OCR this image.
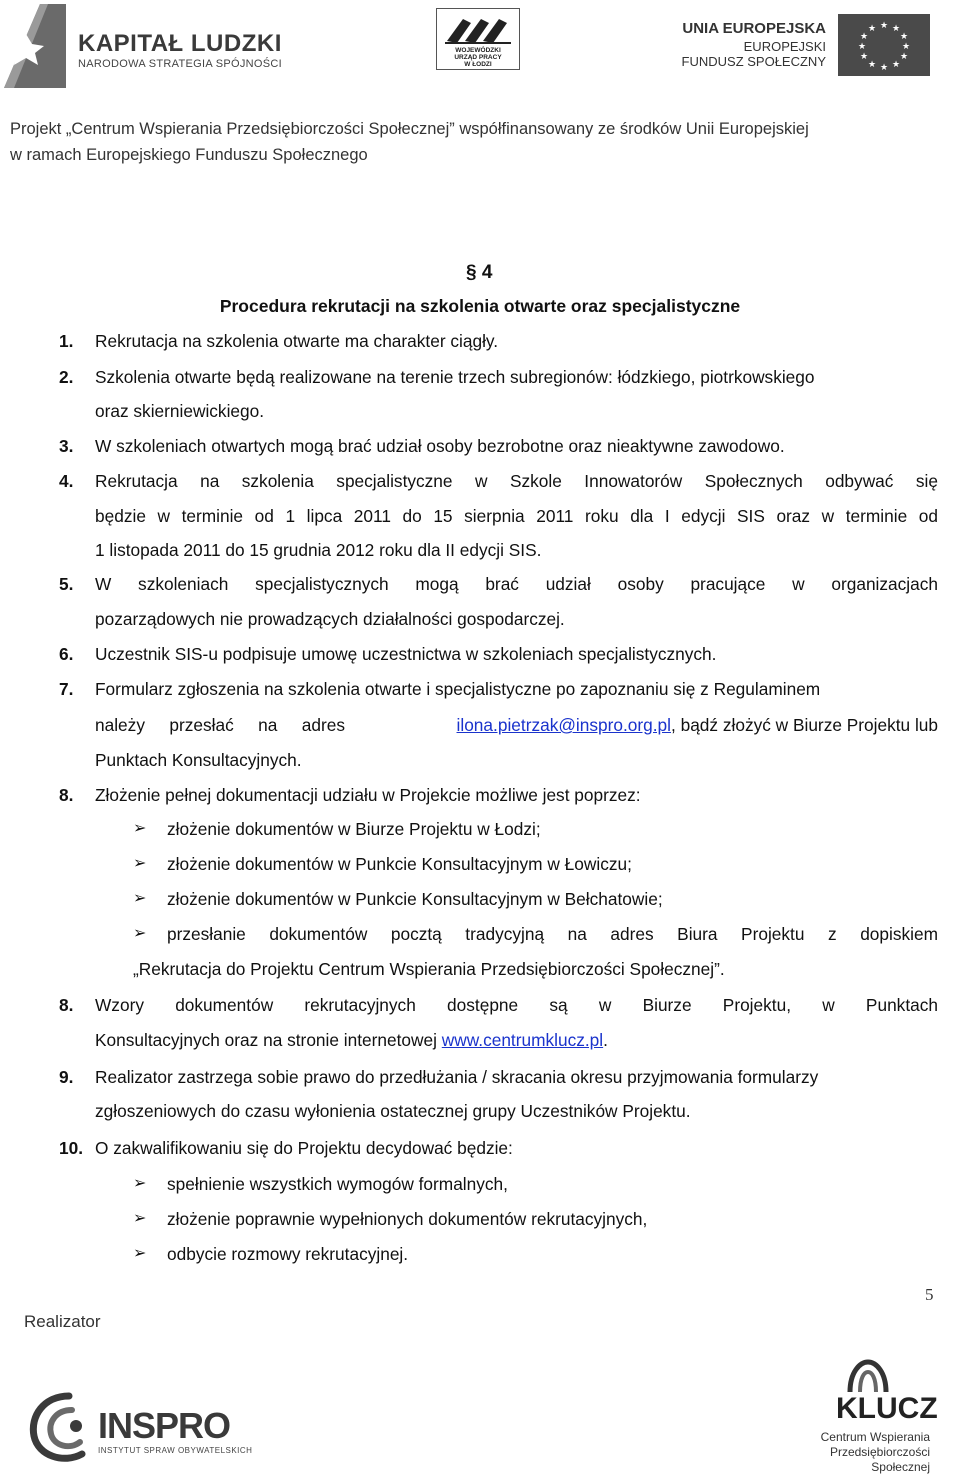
KAPITAŁ LUDZKI
NARODOWA STRATEGIA SPÓJNOŚCI
WOJEWÓDZKI
URZĄD PRACY
W ŁODZI
UNIA EUROPEJSKA
EUROPEJSKI
FUNDUSZ SPOŁECZNY
★ ★
★
★
★
★
★
★
★
★
★
★
Projekt „Centrum Wspierania Przedsiębiorczości Społecznej” współfinansowany ze środków Unii Europejskiej
w ramach Europejskiego Funduszu Społecznego
§ 4
Procedura rekrutacji na szkolenia otwarte oraz specjalistyczne
1. Rekrutacja na szkolenia otwarte ma charakter ciągły.
2. Szkolenia otwarte będą realizowane na terenie trzech subregionów: łódzkiego, piotrkowskiego
oraz skierniewickiego.
3. W szkoleniach otwartych mogą brać udział osoby bezrobotne oraz nieaktywne zawodowo.
4. Rekrutacja na szkolenia specjalistyczne w Szkole Innowatorów Społecznych odbywać się
będzie w terminie od 1 lipca 2011 do 15 sierpnia 2011 roku dla I edycji SIS oraz w terminie od
1 listopada 2011 do 15 grudnia 2012 roku dla II edycji SIS.
5. W szkoleniach specjalistycznych mogą brać udział osoby pracujące w organizacjach
pozarządowych nie prowadzących działalności gospodarczej.
6. Uczestnik SIS-u podpisuje umowę uczestnictwa w szkoleniach specjalistycznych.
7. Formularz zgłoszenia na szkolenia otwarte i specjalistyczne po zapoznaniu się z Regulaminem
należy przesłać na adres	ilona.pietrzak@inspro.org.pl, bądź złożyć w Biurze Projektu lub
Punktach Konsultacyjnych.
8. Złożenie pełnej dokumentacji udziału w Projekcie możliwe jest poprzez:
➢ złożenie dokumentów w Biurze Projektu w Łodzi;
➢ złożenie dokumentów w Punkcie Konsultacyjnym w Łowiczu;
➢ złożenie dokumentów w Punkcie Konsultacyjnym w Bełchatowie;
➢ przesłanie dokumentów pocztą tradycyjną na adres Biura Projektu z dopiskiem
„Rekrutacja do Projektu Centrum Wspierania Przedsiębiorczości Społecznej”.
8. Wzory dokumentów rekrutacyjnych dostępne są w Biurze Projektu, w Punktach
Konsultacyjnych oraz na stronie internetowej www.centrumklucz.pl.
9. Realizator zastrzega sobie prawo do przedłużania / skracania okresu przyjmowania formularzy
zgłoszeniowych do czasu wyłonienia ostatecznej grupy Uczestników Projektu.
10. O zakwalifikowaniu się do Projektu decydować będzie:
➢ spełnienie wszystkich wymogów formalnych,
➢ złożenie poprawnie wypełnionych dokumentów rekrutacyjnych,
➢ odbycie rozmowy rekrutacyjnej.
5
Realizator
INSPRO
INSTYTUT SPRAW OBYWATELSKICH
KLUCZ
Centrum Wspierania
Przedsiębiorczości
Społecznej
